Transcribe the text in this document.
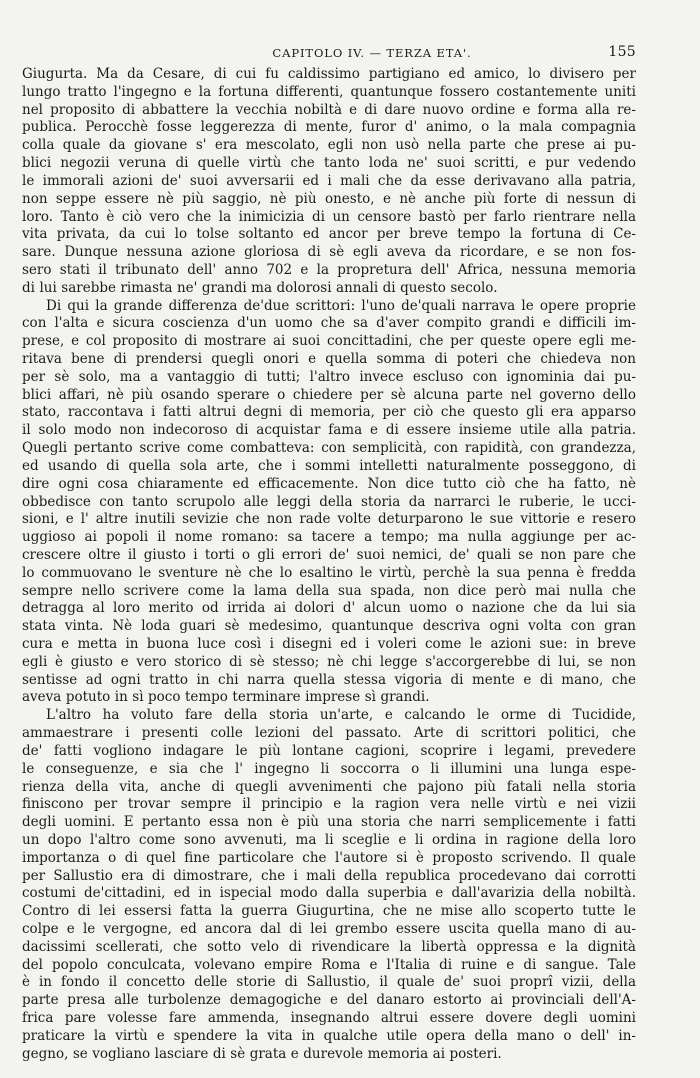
CAPITOLO IV. — TERZA ETA'.	155
Giugurta. Ma da Cesare, di cui fu caldissimo partigiano ed amico, lo divisero per
lungo tratto l'ingegno e la fortuna differenti, quantunque fossero costantemente uniti
nel proposito di abbattere la vecchia nobiltà e di dare nuovo ordine e forma alla re-
publica. Perocchè fosse leggerezza di mente, furor d' animo, o la mala compagnia
colla quale da giovane s' era mescolato, egli non usò nella parte che prese ai pu-
blici negozii veruna di quelle virtù che tanto loda ne' suoi scritti, e pur vedendo
le immorali azioni de' suoi avversarii ed i mali che da esse derivavano alla patria,
non seppe essere nè più saggio, nè più onesto, e nè anche più forte di nessun di
loro. Tanto è ciò vero che la inimicizia di un censore bastò per farlo rientrare nella
vita privata, da cui lo tolse soltanto ed ancor per breve tempo la fortuna di Ce-
sare. Dunque nessuna azione gloriosa di sè egli aveva da ricordare, e se non fos-
sero stati il tribunato dell' anno 702 e la propretura dell' Africa, nessuna memoria
di lui sarebbe rimasta ne' grandi ma dolorosi annali di questo secolo.
Di qui la grande differenza de'due scrittori: l'uno de'quali narrava le opere proprie
con l'alta e sicura coscienza d'un uomo che sa d'aver compito grandi e difficili im-
prese, e col proposito di mostrare ai suoi concittadini, che per queste opere egli me-
ritava bene di prendersi quegli onori e quella somma di poteri che chiedeva non
per sè solo, ma a vantaggio di tutti; l'altro invece escluso con ignominia dai pu-
blici affari, nè più osando sperare o chiedere per sè alcuna parte nel governo dello
stato, raccontava i fatti altrui degni di memoria, per ciò che questo gli era apparso
il solo modo non indecoroso di acquistar fama e di essere insieme utile alla patria.
Quegli pertanto scrive come combatteva: con semplicità, con rapidità, con grandezza,
ed usando di quella sola arte, che i sommi intelletti naturalmente posseggono, di
dire ogni cosa chiaramente ed efficacemente. Non dice tutto ciò che ha fatto, nè
obbedisce con tanto scrupolo alle leggi della storia da narrarci le ruberie, le ucci-
sioni, e l' altre inutili sevizie che non rade volte deturparono le sue vittorie e resero
uggioso ai popoli il nome romano: sa tacere a tempo; ma nulla aggiunge per ac-
crescere oltre il giusto i torti o gli errori de' suoi nemici, de' quali se non pare che
lo commuovano le sventure nè che lo esaltino le virtù, perchè la sua penna è fredda
sempre nello scrivere come la lama della sua spada, non dice però mai nulla che
detragga al loro merito od irrida ai dolori d' alcun uomo o nazione che da lui sia
stata vinta. Nè loda guari sè medesimo, quantunque descriva ogni volta con gran
cura e metta in buona luce così i disegni ed i voleri come le azioni sue: in breve
egli è giusto e vero storico di sè stesso; nè chi legge s'accorgerebbe di lui, se non
sentisse ad ogni tratto in chi narra quella stessa vigoria di mente e di mano, che
aveva potuto in sì poco tempo terminare imprese sì grandi.
L'altro ha voluto fare della storia un'arte, e calcando le orme di Tucidide,
ammaestrare i presenti colle lezioni del passato. Arte di scrittori politici, che
de' fatti vogliono indagare le più lontane cagioni, scoprire i legami, prevedere
le conseguenze, e sia che l' ingegno li soccorra o li illumini una lunga espe-
rienza della vita, anche di quegli avvenimenti che pajono più fatali nella storia
finiscono per trovar sempre il principio e la ragion vera nelle virtù e nei vizii
degli uomini. E pertanto essa non è più una storia che narri semplicemente i fatti
un dopo l'altro come sono avvenuti, ma li sceglie e li ordina in ragione della loro
importanza o di quel fine particolare che l'autore si è proposto scrivendo. Il quale
per Sallustio era di dimostrare, che i mali della republica procedevano dai corrotti
costumi de'cittadini, ed in ispecial modo dalla superbia e dall'avarizia della nobiltà.
Contro di lei essersi fatta la guerra Giugurtina, che ne mise allo scoperto tutte le
colpe e le vergogne, ed ancora dal di lei grembo essere uscita quella mano di au-
dacissimi scellerati, che sotto velo di rivendicare la libertà oppressa e la dignità
del popolo conculcata, volevano empire Roma e l'Italia di ruine e di sangue. Tale
è in fondo il concetto delle storie di Sallustio, il quale de' suoi proprî vizii, della
parte presa alle turbolenze demagogiche e del danaro estorto ai provinciali dell'A-
frica pare volesse fare ammenda, insegnando altrui essere dovere degli uomini
praticare la virtù e spendere la vita in qualche utile opera della mano o dell' in-
gegno, se vogliano lasciare di sè grata e durevole memoria ai posteri.
